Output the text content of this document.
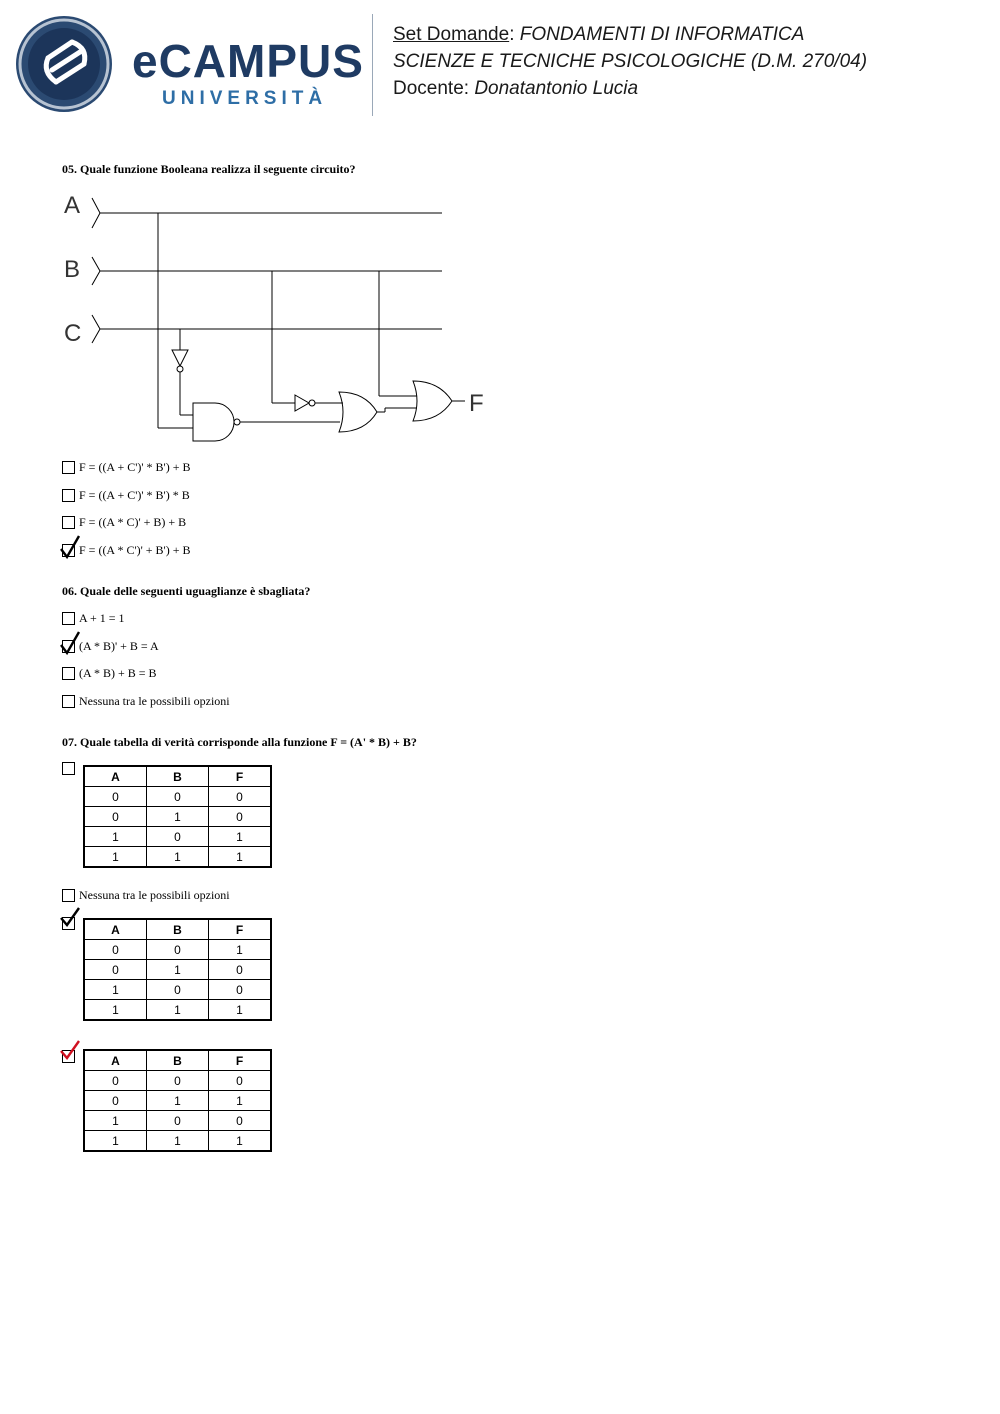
eCAMPUS
UNIVERSITÀ
Set Domande: FONDAMENTI DI INFORMATICA
SCIENZE E TECNICHE PSICOLOGICHE (D.M. 270/04)
Docente: Donatantonio Lucia
05. Quale funzione Booleana realizza il seguente circuito?
A
B
C
F
F = ((A + C')' * B') + B
F = ((A + C')' * B') * B
F = ((A * C)' + B) + B
F = ((A * C')' + B') + B
06. Quale delle seguenti uguaglianze è sbagliata?
A + 1 = 1
(A * B)' + B = A
(A * B) + B = B
Nessuna tra le possibili opzioni
07. Quale tabella di verità corrisponde alla funzione F = (A' * B) + B?
A	B	F
0	0	0
0	1	0
1	0	1
1	1	1
Nessuna tra le possibili opzioni
A	B	F
0	0	1
0	1	0
1	0	0
1	1	1
A	B	F
0	0	0
0	1	1
1	0	0
1	1	1
